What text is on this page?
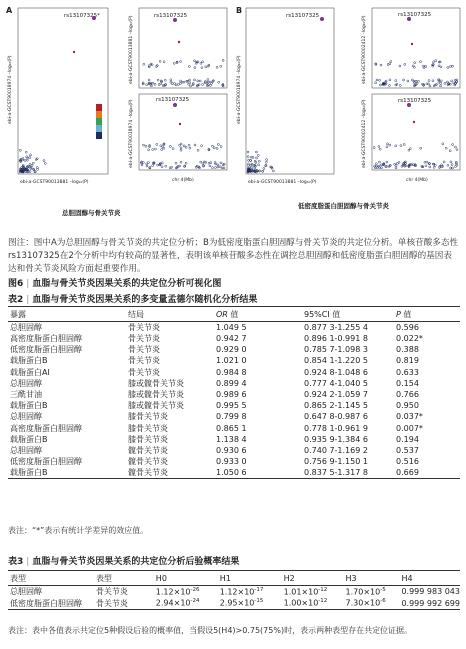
A	B
rs13107325*
ebi-a-GCST90018974 –log₁₀(P)
ebi-a-GCST90013881 –log₁₀(P)
rs13107325
ebi-a-GCST90013881 –log₁₀(P)
rs13107325
ebi-a-GCST90018974 –log₁₀(P)
chr 4(Mb)
rs13107325
ebi-a-GCST90018974 –log₁₀(P)
ebi-a-GCST90013881 –log₁₀(P)
rs13107325
ebi-a-GCST90002412 –log₁₀(P)
rs13107325
ebi-a-GCST90002412 –log₁₀(P)
chr 4(Mb)
总胆固醇与骨关节炎
低密度脂蛋白胆固醇与骨关节炎
图注：图中A为总胆固醇与骨关节炎的共定位分析；B为低密度脂蛋白胆固醇与骨关节炎的共定位分析。单核苷酸多态性rs13107325在2个分析中均有较高的显著性，表明该单核苷酸多态性在调控总胆固醇和低密度脂蛋白胆固醇的基因表达和骨关节炎风险方面起重要作用。
图6 | 血脂与骨关节炎因果关系的共定位分析可视化图
表2 | 血脂与骨关节炎因果关系的多变量孟德尔随机化分析结果
暴露	结局	OR 值	95%CI 值	P 值
总胆固醇	骨关节炎	1.049 5	0.877 3-1.255 4	0.596
高密度脂蛋白胆固醇	骨关节炎	0.942 7	0.896 1-0.991 8	0.022*
低密度脂蛋白胆固醇	骨关节炎	0.929 0	0.785 7-1.098 3	0.388
载脂蛋白B	骨关节炎	1.021 0	0.854 1-1.220 5	0.819
载脂蛋白AI	骨关节炎	0.984 8	0.924 8-1.048 6	0.633
总胆固醇	膝或髋骨关节炎	0.899 4	0.777 4-1.040 5	0.154
三酰甘油	膝或髋骨关节炎	0.989 6	0.924 2-1.059 7	0.766
载脂蛋白B	膝或髋骨关节炎	0.995 5	0.865 2-1.145 5	0.950
总胆固醇	膝骨关节炎	0.799 8	0.647 8-0.987 6	0.037*
高密度脂蛋白胆固醇	膝骨关节炎	0.865 1	0.778 1-0.961 9	0.007*
载脂蛋白B	膝骨关节炎	1.138 4	0.935 9-1.384 6	0.194
总胆固醇	髋骨关节炎	0.930 6	0.740 7-1.169 2	0.537
低密度脂蛋白胆固醇	髋骨关节炎	0.933 0	0.756 9-1.150 1	0.516
载脂蛋白B	髋骨关节炎	1.050 6	0.837 5-1.317 8	0.669
表注：“*”表示有统计学差异的效应值。
表3 | 血脂与骨关节炎因果关系的共定位分析后验概率结果
表型	表型	H0	H1	H2	H3	H4
总胆固醇	骨关节炎	$1.12\times 10^{-26}$	$1.12\times 10^{-17}$	$1.01\times 10^{-12}$	$1.70\times 10^{-5}$	0.999 983 043
低密度脂蛋白胆固醇	骨关节炎	$2.94\times 10^{-24}$	$2.95\times 10^{-15}$	$1.00\times 10^{-12}$	$7.30\times 10^{-6}$	0.999 992 699
表注：表中各值表示共定位5种假设后验的概率值，当假设5(H4)>0.75(75%)时，表示两种表型存在共定位证据。
